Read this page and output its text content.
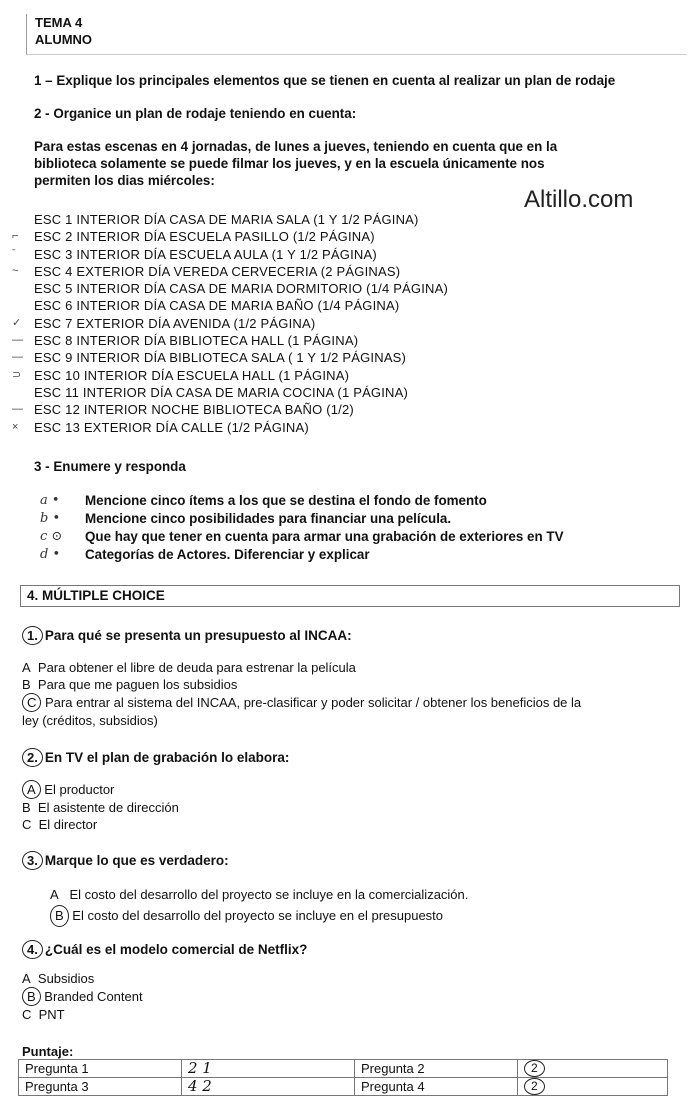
TEMA 4
ALUMNO
1 – Explique los principales elementos que se tienen en cuenta al realizar un plan de rodaje
2 - Organice un plan de rodaje teniendo en cuenta:
Para estas escenas en 4 jornadas, de lunes a jueves, teniendo en cuenta que en la
biblioteca solamente se puede filmar los jueves, y en la escuela únicamente nos
permiten los dias miércoles:
Altillo.com
ESC 1 INTERIOR DÍA CASA DE MARIA SALA (1 Y 1/2 PÁGINA)
⌐ ESC 2 INTERIOR DÍA ESCUELA PASILLO (1/2 PÁGINA)
ˉ ESC 3 INTERIOR DÍA ESCUELA AULA (1 Y 1/2 PÁGINA)
~ ESC 4 EXTERIOR DÍA VEREDA CERVECERIA (2 PÁGINAS)
ESC 5 INTERIOR DÍA CASA DE MARIA DORMITORIO (1/4 PÁGINA)
ESC 6 INTERIOR DÍA CASA DE MARIA BAÑO (1/4 PÁGINA)
✓ ESC 7 EXTERIOR DÍA AVENIDA (1/2 PÁGINA)
— ESC 8 INTERIOR DÍA BIBLIOTECA HALL (1 PÁGINA)
— ESC 9 INTERIOR DÍA BIBLIOTECA SALA ( 1 Y 1/2 PÁGINAS)
⊃ ESC 10 INTERIOR DÍA ESCUELA HALL (1 PÁGINA)
ESC 11 INTERIOR DÍA CASA DE MARIA COCINA (1 PÁGINA)
— ESC 12 INTERIOR NOCHE BIBLIOTECA BAÑO (1/2)
× ESC 13 EXTERIOR DÍA CALLE (1/2 PÁGINA)
3 - Enumere y responda
a •	Mencione cinco ítems a los que se destina el fondo de fomento
b •	Mencione cinco posibilidades para financiar una película.
c ⊙	Que hay que tener en cuenta para armar una grabación de exteriores en TV
d •	Categorías de Actores. Diferenciar y explicar
4. MÚLTIPLE CHOICE
1. Para qué se presenta un presupuesto al INCAA:
A Para obtener el libre de deuda para estrenar la película
B Para que me paguen los subsidios
C Para entrar al sistema del INCAA, pre-clasificar y poder solicitar / obtener los beneficios de la
ley (créditos, subsidios)
2. En TV el plan de grabación lo elabora:
A El productor
B El asistente de dirección
C El director
3. Marque lo que es verdadero:
A El costo del desarrollo del proyecto se incluye en la comercialización.
B El costo del desarrollo del proyecto se incluye en el presupuesto
4. ¿Cuál es el modelo comercial de Netflix?
A Subsidios
B Branded Content
C PNT
Puntaje:
Pregunta 1	2 1	Pregunta 2	2
Pregunta 3	4 2	Pregunta 4	2
